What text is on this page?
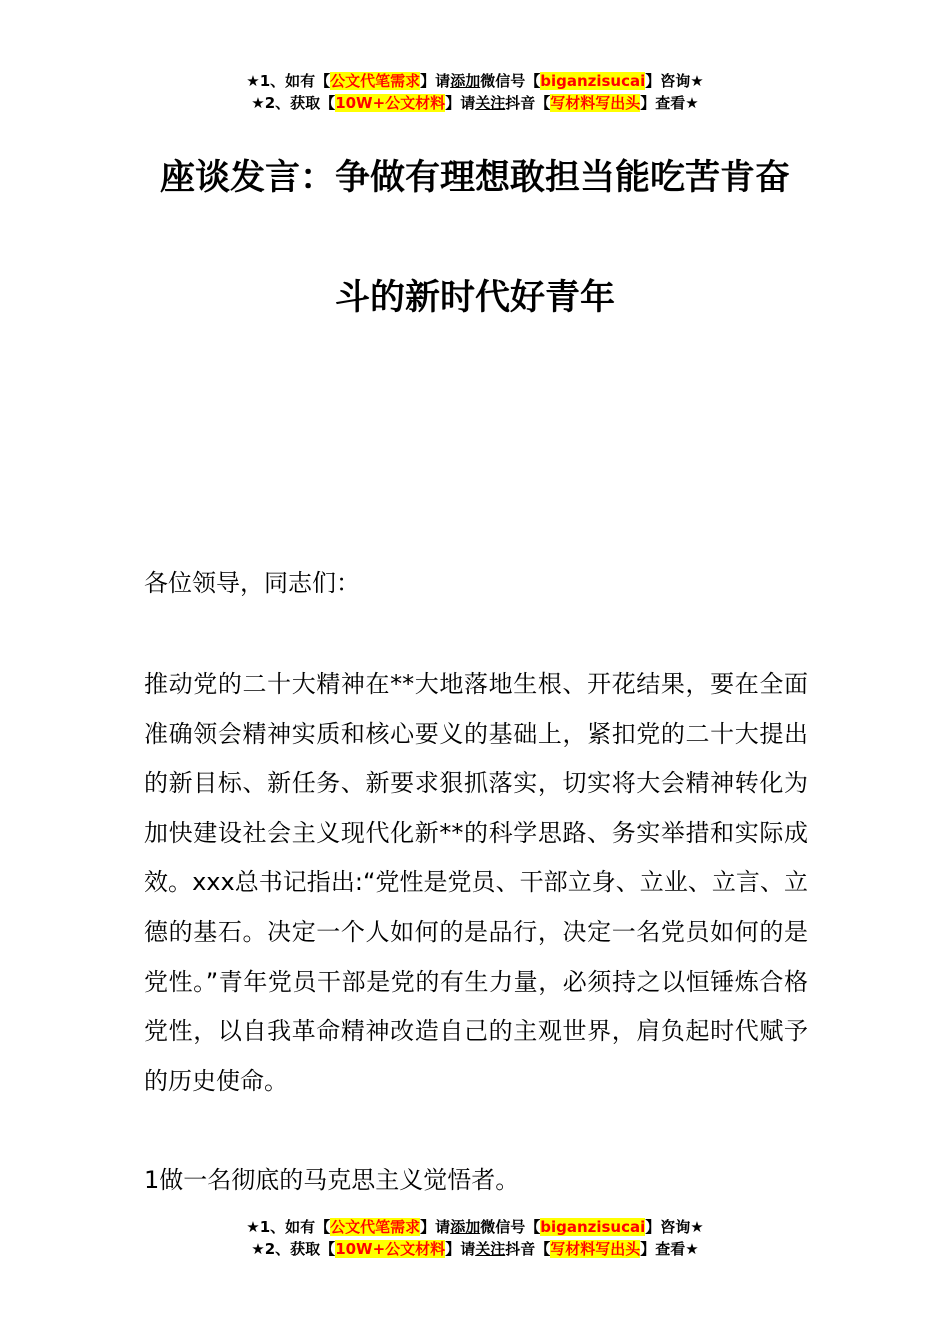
★1、如有【公文代笔需求】请添加微信号【biganzisucai】咨询★
★2、获取【10W+公文材料】请关注抖音【写材料写出头】查看★
座谈发言：争做有理想敢担当能吃苦肯奋
斗的新时代好青年

各位领导，同志们：

推动党的二十大精神在**大地落地生根、开花结果，要在全面准确领会精神实质和核心要义的基础上，紧扣党的二十大提出的新目标、新任务、新要求狠抓落实，切实将大会精神转化为加快建设社会主义现代化新**的科学思路、务实举措和实际成效。xxx总书记指出:“党性是党员、干部立身、立业、立言、立德的基石。决定一个人如何的是品行，决定一名党员如何的是党性。”青年党员干部是党的有生力量，必须持之以恒锤炼合格党性，以自我革命精神改造自己的主观世界，肩负起时代赋予的历史使命。

1做一名彻底的马克思主义觉悟者。

★1、如有【公文代笔需求】请添加微信号【biganzisucai】咨询★
★2、获取【10W+公文材料】请关注抖音【写材料写出头】查看★
